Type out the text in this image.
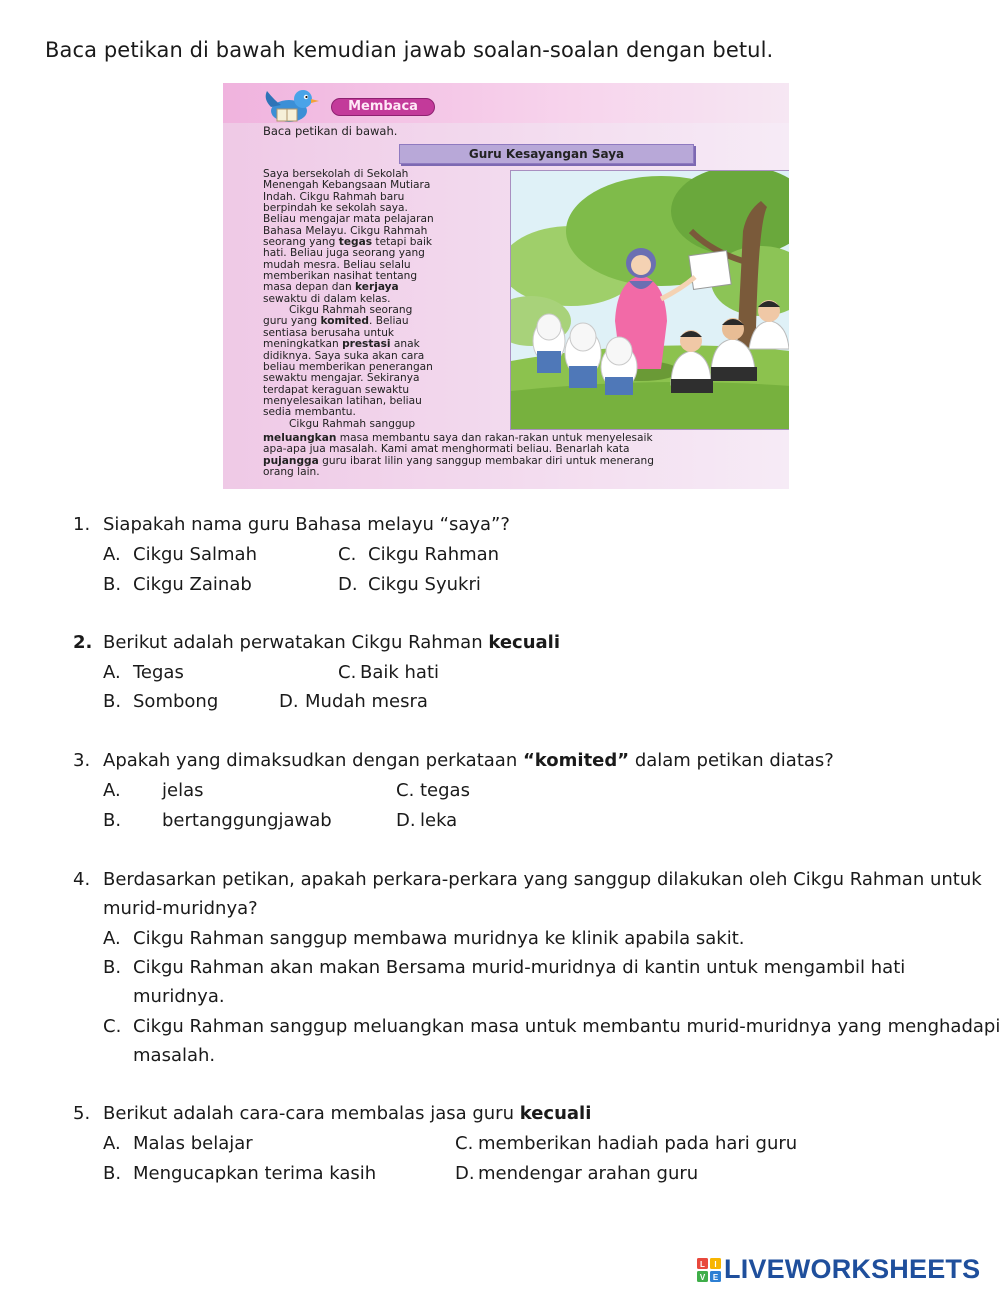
Baca petikan di bawah kemudian jawab soalan-soalan dengan betul.
Membaca
Baca petikan di bawah.
Guru Kesayangan Saya
Saya bersekolah di Sekolah
Menengah Kebangsaan Mutiara
Indah. Cikgu Rahmah baru
berpindah ke sekolah saya.
Beliau mengajar mata pelajaran
Bahasa Melayu. Cikgu Rahmah
seorang yang tegas tetapi baik
hati. Beliau juga seorang yang
mudah mesra. Beliau selalu
memberikan nasihat tentang
masa depan dan kerjaya
sewaktu di dalam kelas.
Cikgu Rahmah seorang
guru yang komited. Beliau
sentiasa berusaha untuk
meningkatkan prestasi anak
didiknya. Saya suka akan cara
beliau memberikan penerangan
sewaktu mengajar. Sekiranya
terdapat keraguan sewaktu
menyelesaikan latihan, beliau
sedia membantu.
Cikgu Rahmah sanggup
meluangkan masa membantu saya dan rakan-rakan untuk menyelesaik
apa-apa jua masalah. Kami amat menghormati beliau. Benarlah kata
pujangga guru ibarat lilin yang sanggup membakar diri untuk menerang
orang lain.
1. Siapakah nama guru Bahasa melayu “saya”?
A. Cikgu Salmah	C. Cikgu Rahman
B. Cikgu Zainab	D. Cikgu Syukri
2. Berikut adalah perwatakan Cikgu Rahman kecuali
A. Tegas	C. Baik hati
B. Sombong	D. Mudah mesra
3. Apakah yang dimaksudkan dengan perkataan “komited” dalam petikan diatas?
A. jelas	C. tegas
B. bertanggungjawab	D. leka
4. Berdasarkan petikan, apakah perkara-perkara yang sanggup dilakukan oleh Cikgu Rahman untuk
murid-muridnya?
A. Cikgu Rahman sanggup membawa muridnya ke klinik apabila sakit.
B. Cikgu Rahman akan makan Bersama murid-muridnya di kantin untuk mengambil hati
muridnya.
C. Cikgu Rahman sanggup meluangkan masa untuk membantu murid-muridnya yang menghadapi
masalah.
5. Berikut adalah cara-cara membalas jasa guru kecuali
A. Malas belajar	C. memberikan hadiah pada hari guru
B. Mengucapkan terima kasih	D. mendengar arahan guru
L I
V E LIVEWORKSHEETS
